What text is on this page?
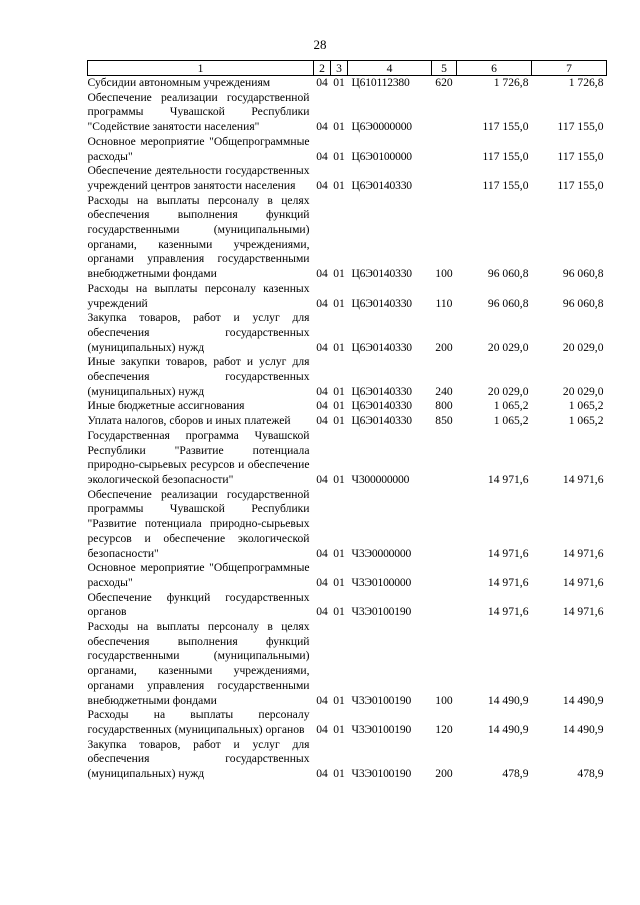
28
1	2	3	4	5	6	7
Субсидии автономным учреждениям	04	01	Ц610112380	620	1 726,8	1 726,8
Обеспечение реализации государственной программы Чувашской Республики "Содействие занятости населения"	04	01	Ц6Э0000000		117 155,0	117 155,0
Основное мероприятие "Общепрограммные расходы"	04	01	Ц6Э0100000		117 155,0	117 155,0
Обеспечение деятельности государственных учреждений центров занятости населения	04	01	Ц6Э0140330		117 155,0	117 155,0
Расходы на выплаты персоналу в целях обеспечения выполнения функций государственными (муниципальными) органами, казенными учреждениями, органами управления государственными внебюджетными фондами	04	01	Ц6Э0140330	100	96 060,8	96 060,8
Расходы на выплаты персоналу казенных учреждений	04	01	Ц6Э0140330	110	96 060,8	96 060,8
Закупка товаров, работ и услуг для обеспечения государственных (муниципальных) нужд	04	01	Ц6Э0140330	200	20 029,0	20 029,0
Иные закупки товаров, работ и услуг для обеспечения государственных (муниципальных) нужд	04	01	Ц6Э0140330	240	20 029,0	20 029,0
Иные бюджетные ассигнования	04	01	Ц6Э0140330	800	1 065,2	1 065,2
Уплата налогов, сборов и иных платежей	04	01	Ц6Э0140330	850	1 065,2	1 065,2
Государственная программа Чувашской Республики "Развитие потенциала природно-сырьевых ресурсов и обеспечение экологической безопасности"	04	01	Ч300000000		14 971,6	14 971,6
Обеспечение реализации государственной программы Чувашской Республики "Развитие потенциала природно-сырьевых ресурсов и обеспечение экологической безопасности"	04	01	Ч3Э0000000		14 971,6	14 971,6
Основное мероприятие "Общепрограммные расходы"	04	01	Ч3Э0100000		14 971,6	14 971,6
Обеспечение функций государственных органов	04	01	Ч3Э0100190		14 971,6	14 971,6
Расходы на выплаты персоналу в целях обеспечения выполнения функций государственными (муниципальными) органами, казенными учреждениями, органами управления государственными внебюджетными фондами	04	01	Ч3Э0100190	100	14 490,9	14 490,9
Расходы на выплаты персоналу государственных (муниципальных) органов	04	01	Ч3Э0100190	120	14 490,9	14 490,9
Закупка товаров, работ и услуг для обеспечения государственных (муниципальных) нужд	04	01	Ч3Э0100190	200	478,9	478,9
